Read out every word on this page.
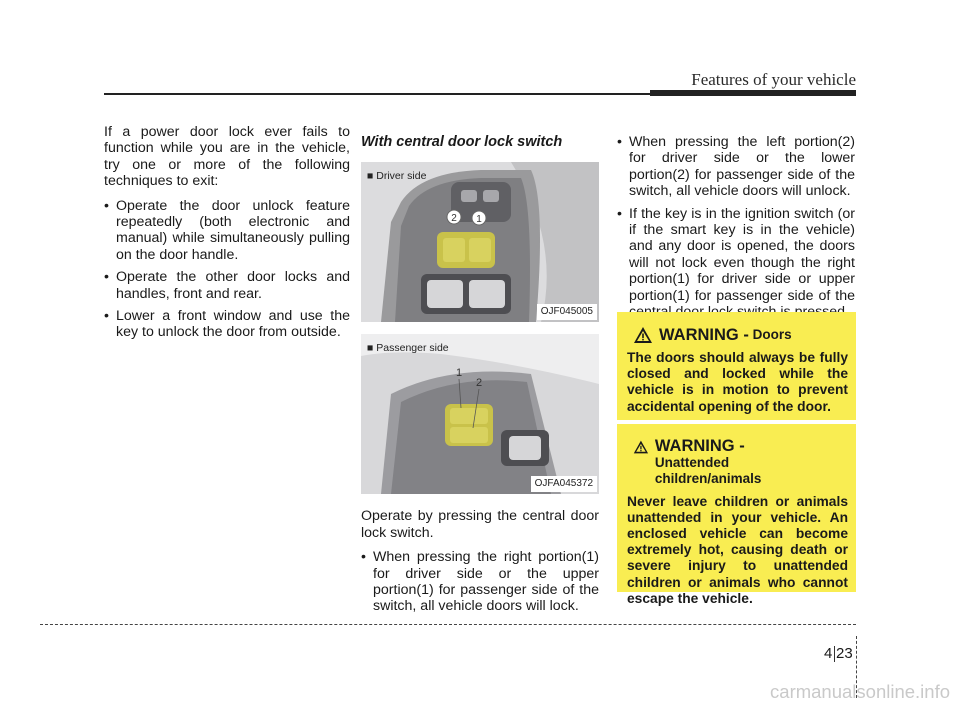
Features of your vehicle

If a power door lock ever fails to function while you are in the vehicle, try one or more of the following techniques to exit:

• Operate the door unlock feature repeatedly (both electronic and manual) while simultaneously pulling on the door handle.
• Operate the other door locks and handles, front and rear.
• Lower a front window and use the key to unlock the door from outside.
With central door lock switch
2 1
■ Driver side
OJF045005
1
2
■ Passenger side
OJFA045372

Operate by pressing the central door lock switch.

• When pressing the right portion(1) for driver side or the upper portion(1) for passenger side of the switch, all vehicle doors will lock.
• When pressing the left portion(2) for driver side or the lower portion(2) for passenger side of the switch, all vehicle doors will unlock.
• If the key is in the ignition switch (or if the smart key is in the vehicle) and any door is opened, the doors will not lock even though the right portion(1) for driver side or upper portion(1) for passenger side of the
WARNING -
Doors
The doors should always be fully closed and locked while the vehicle is in motion to prevent accidental opening of the door.
WARNING - Unattended children/animals
Never leave children or animals unattended in your vehicle. An enclosed vehicle can become extremely hot, causing death or severe injury to unattended children or animals who cannot escape the vehicle.
4 23
carmanualsonline.info
